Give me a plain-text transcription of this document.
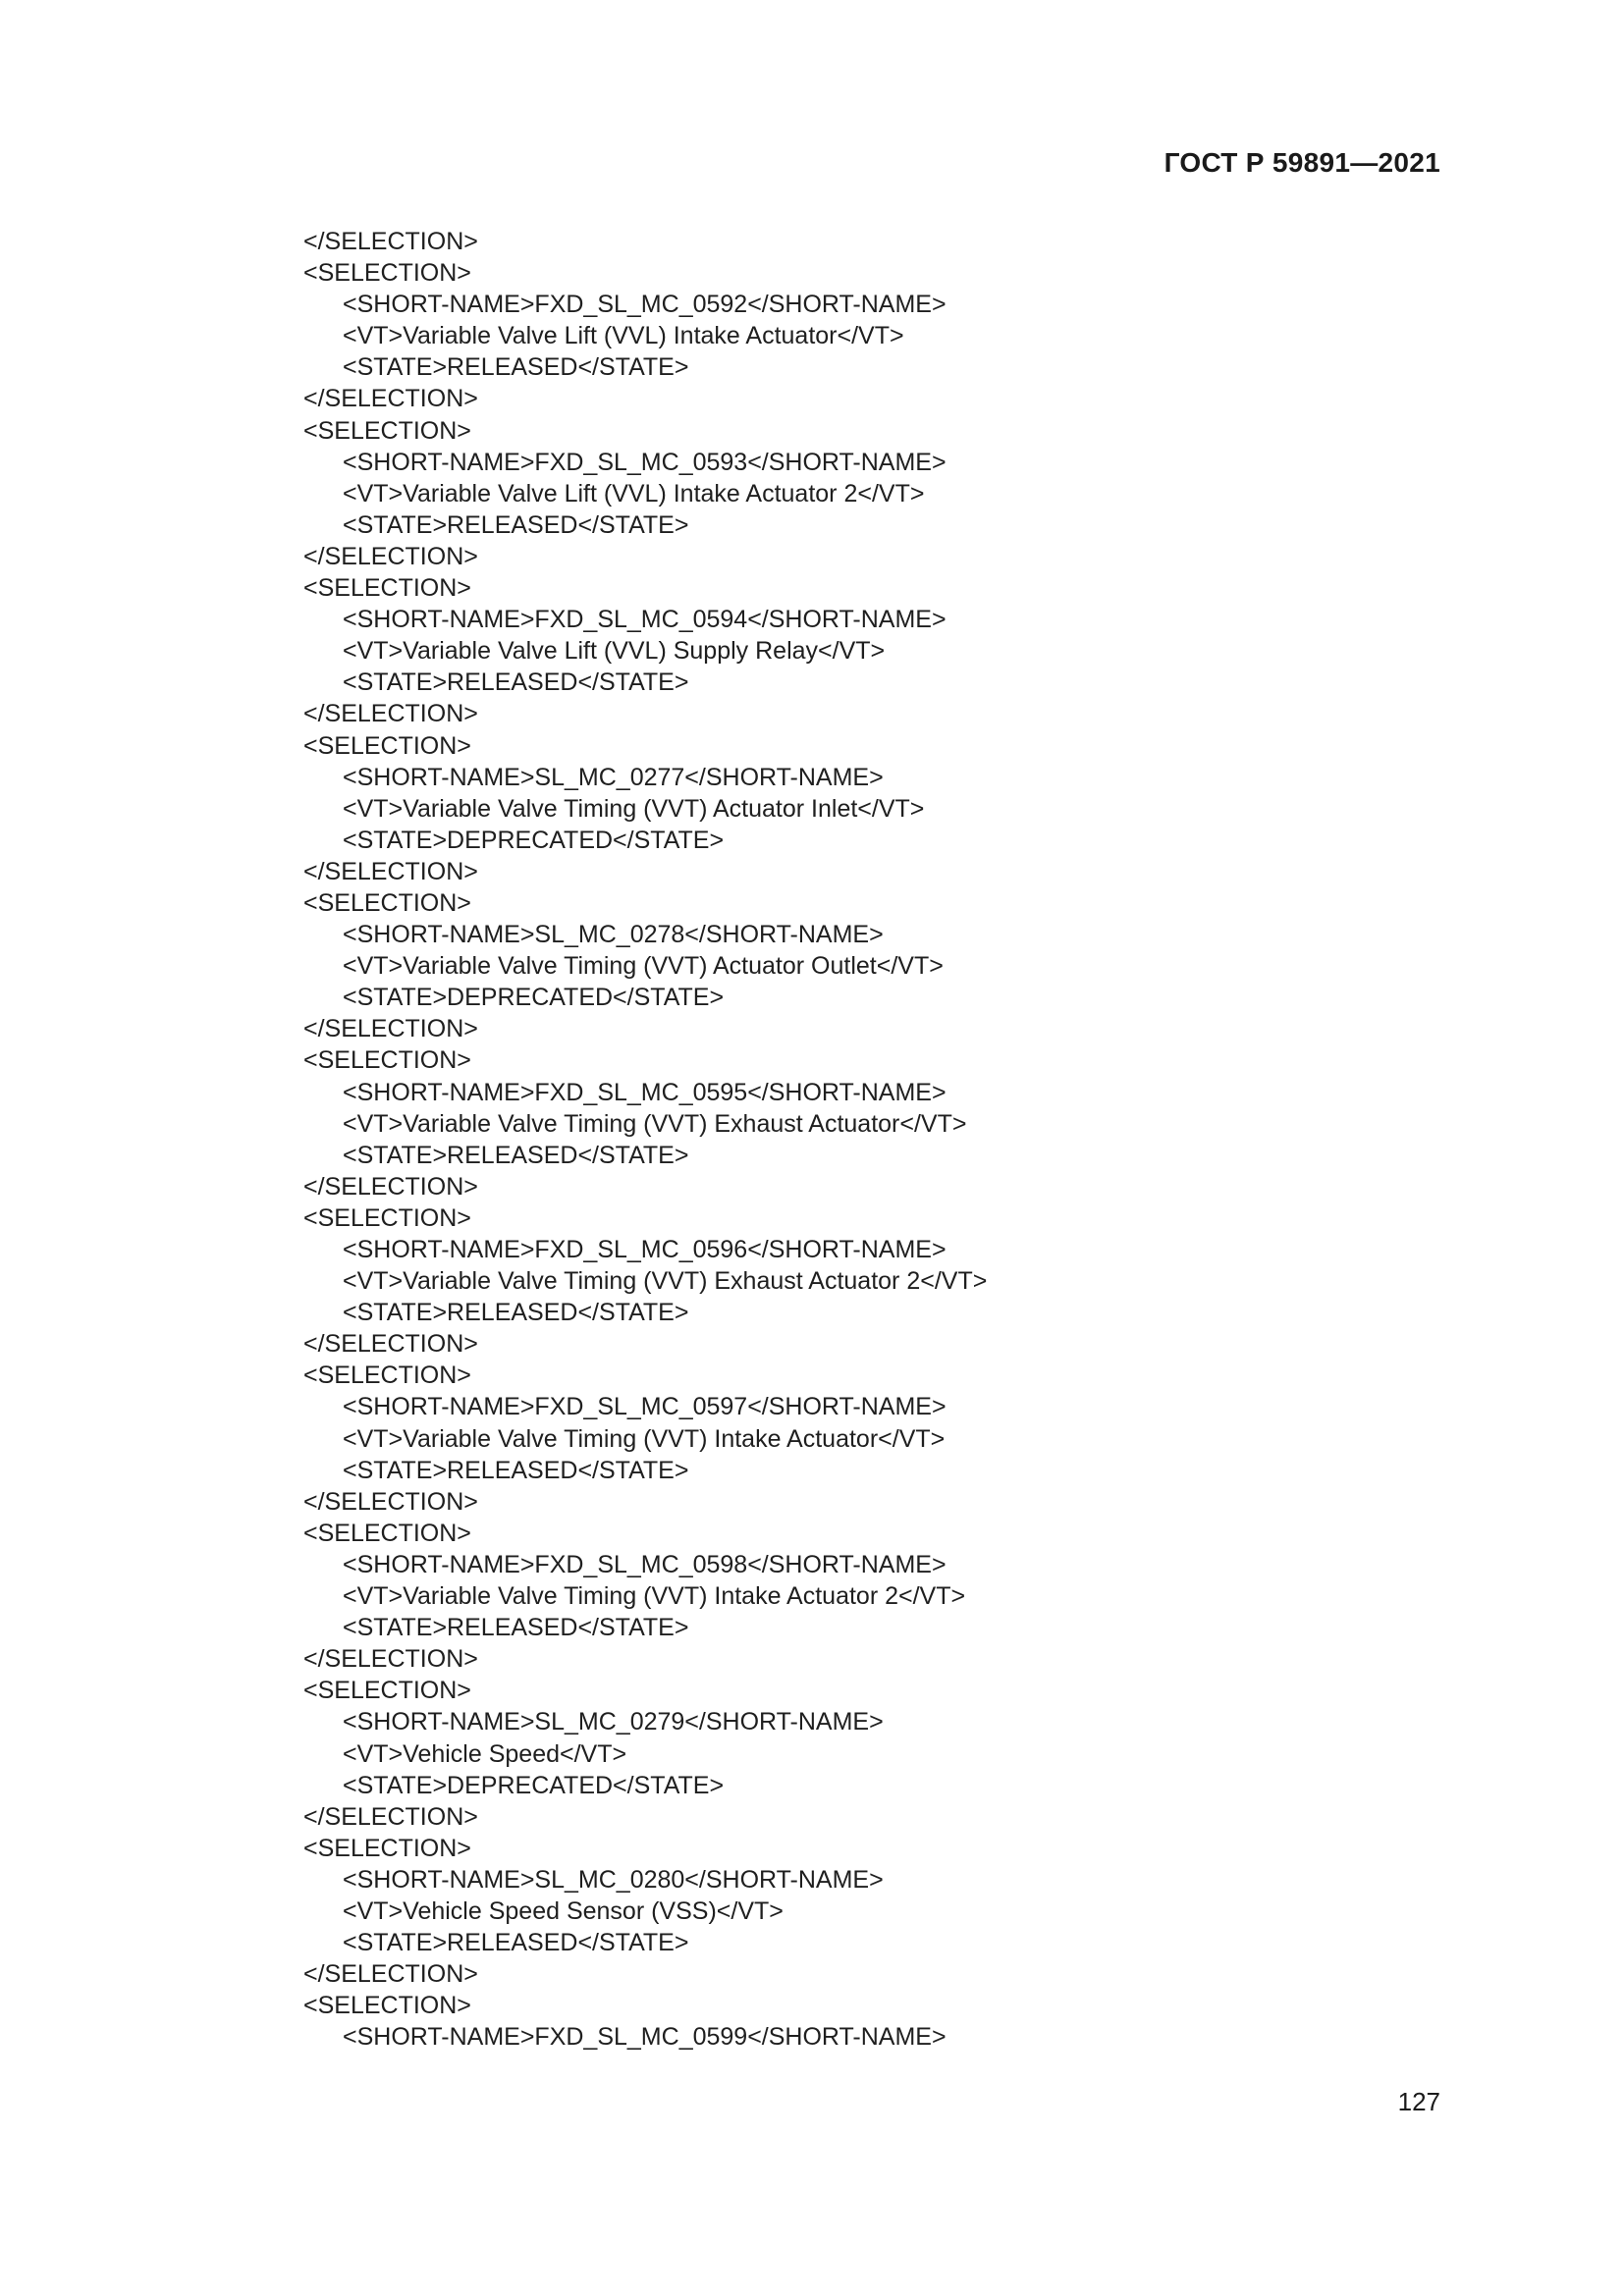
ГОСТ Р 59891—2021
</SELECTION>
<SELECTION>
<SHORT-NAME>FXD_SL_MC_0592</SHORT-NAME>
<VT>Variable Valve Lift (VVL) Intake Actuator</VT>
<STATE>RELEASED</STATE>
</SELECTION>
<SELECTION>
<SHORT-NAME>FXD_SL_MC_0593</SHORT-NAME>
<VT>Variable Valve Lift (VVL) Intake Actuator 2</VT>
<STATE>RELEASED</STATE>
</SELECTION>
<SELECTION>
<SHORT-NAME>FXD_SL_MC_0594</SHORT-NAME>
<VT>Variable Valve Lift (VVL) Supply Relay</VT>
<STATE>RELEASED</STATE>
</SELECTION>
<SELECTION>
<SHORT-NAME>SL_MC_0277</SHORT-NAME>
<VT>Variable Valve Timing (VVT) Actuator Inlet</VT>
<STATE>DEPRECATED</STATE>
</SELECTION>
<SELECTION>
<SHORT-NAME>SL_MC_0278</SHORT-NAME>
<VT>Variable Valve Timing (VVT) Actuator Outlet</VT>
<STATE>DEPRECATED</STATE>
</SELECTION>
<SELECTION>
<SHORT-NAME>FXD_SL_MC_0595</SHORT-NAME>
<VT>Variable Valve Timing (VVT) Exhaust Actuator</VT>
<STATE>RELEASED</STATE>
</SELECTION>
<SELECTION>
<SHORT-NAME>FXD_SL_MC_0596</SHORT-NAME>
<VT>Variable Valve Timing (VVT) Exhaust Actuator 2</VT>
<STATE>RELEASED</STATE>
</SELECTION>
<SELECTION>
<SHORT-NAME>FXD_SL_MC_0597</SHORT-NAME>
<VT>Variable Valve Timing (VVT) Intake Actuator</VT>
<STATE>RELEASED</STATE>
</SELECTION>
<SELECTION>
<SHORT-NAME>FXD_SL_MC_0598</SHORT-NAME>
<VT>Variable Valve Timing (VVT) Intake Actuator 2</VT>
<STATE>RELEASED</STATE>
</SELECTION>
<SELECTION>
<SHORT-NAME>SL_MC_0279</SHORT-NAME>
<VT>Vehicle Speed</VT>
<STATE>DEPRECATED</STATE>
</SELECTION>
<SELECTION>
<SHORT-NAME>SL_MC_0280</SHORT-NAME>
<VT>Vehicle Speed Sensor (VSS)</VT>
<STATE>RELEASED</STATE>
</SELECTION>
<SELECTION>
<SHORT-NAME>FXD_SL_MC_0599</SHORT-NAME>
127
